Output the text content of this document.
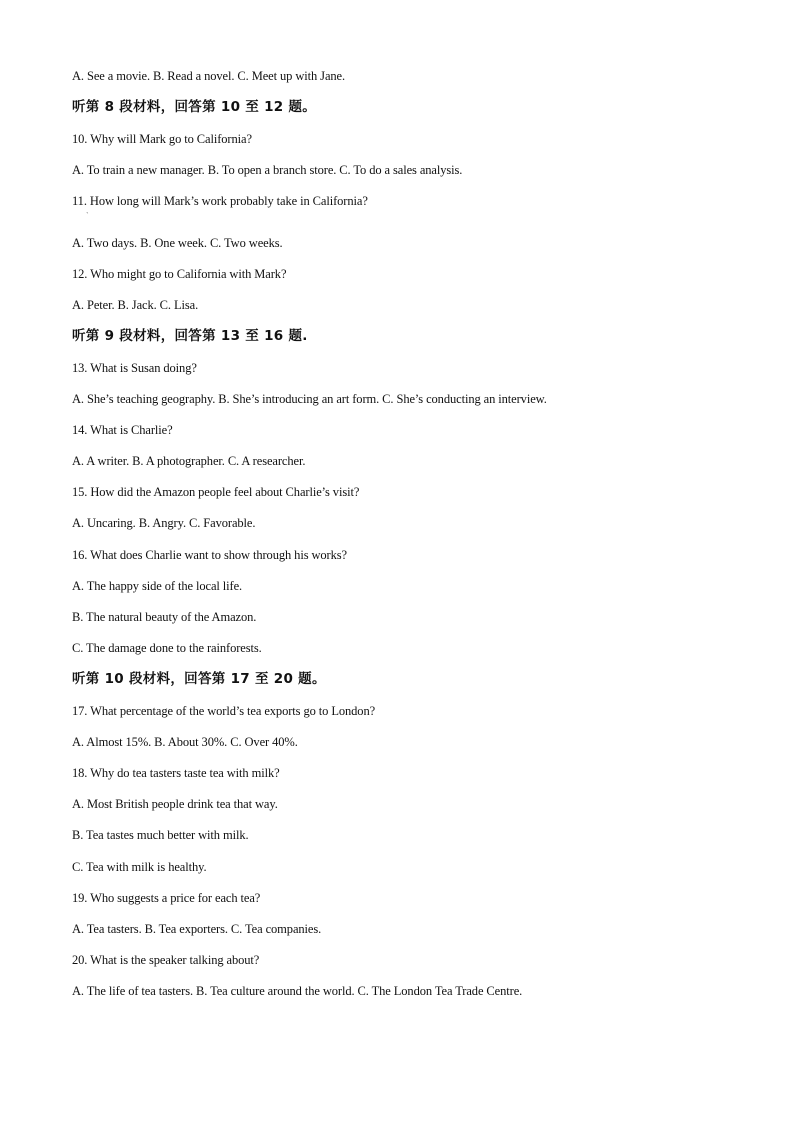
A. See a movie. B. Read a novel. C. Meet up with Jane.
听第 8 段材料，回答第 10 至 12 题。
10. Why will Mark go to California?
A. To train a new manager. B. To open a branch store. C. To do a sales analysis.
11. How long will Mark’s work probably take in California?
`
A. Two days. B. One week. C. Two weeks.
12. Who might go to California with Mark?
A. Peter. B. Jack. C. Lisa.
听第 9 段材料，回答第 13 至 16 题.
13. What is Susan doing?
A. She’s teaching geography. B. She’s introducing an art form. C. She’s conducting an interview.
14. What is Charlie?
A. A writer. B. A photographer. C. A researcher.
15. How did the Amazon people feel about Charlie’s visit?
A. Uncaring. B. Angry. C. Favorable.
16. What does Charlie want to show through his works?
A. The happy side of the local life.
B. The natural beauty of the Amazon.
C. The damage done to the rainforests.
听第 10 段材料，回答第 17 至 20 题。
17. What percentage of the world’s tea exports go to London?
A. Almost 15%. B. About 30%. C. Over 40%.
18. Why do tea tasters taste tea with milk?
A. Most British people drink tea that way.
B. Tea tastes much better with milk.
C. Tea with milk is healthy.
19. Who suggests a price for each tea?
A. Tea tasters. B. Tea exporters. C. Tea companies.
20. What is the speaker talking about?
A. The life of tea tasters. B. Tea culture around the world. C. The London Tea Trade Centre.
